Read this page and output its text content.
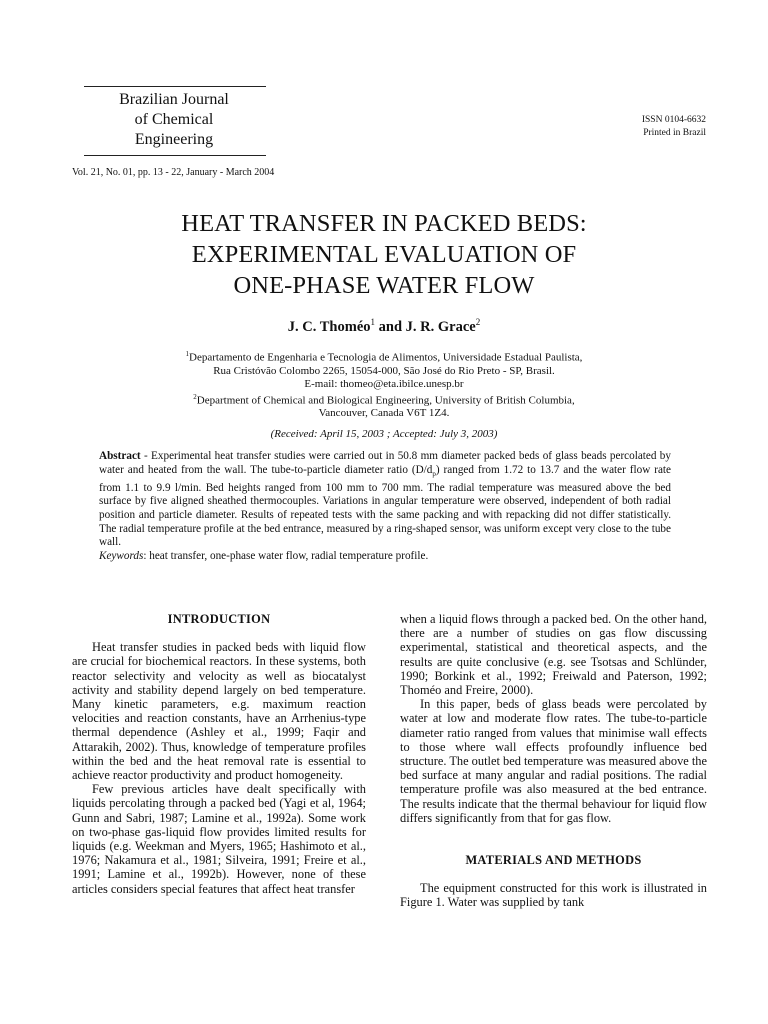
Brazilian Journal
of Chemical
Engineering
ISSN 0104-6632
Printed in Brazil
Vol. 21, No. 01, pp. 13 - 22, January - March 2004
HEAT TRANSFER IN PACKED BEDS:
EXPERIMENTAL EVALUATION OF
ONE-PHASE WATER FLOW
J. C. Thoméo$^1$ and J. R. Grace$^2$
$^1$Departamento de Engenharia e Tecnologia de Alimentos, Universidade Estadual Paulista,
Rua Cristóvão Colombo 2265, 15054-000, São José do Rio Preto - SP, Brasil.
E-mail: thomeo@eta.ibilce.unesp.br
$^2$Department of Chemical and Biological Engineering, University of British Columbia,
Vancouver, Canada V6T 1Z4.
(Received: April 15, 2003 ; Accepted: July 3, 2003)

Abstract - Experimental heat transfer studies were carried out in 50.8 mm diameter packed beds of glass beads percolated by water and heated from the wall. The tube-to-particle diameter ratio $(D/d_p)$ ranged from 1.72 to 13.7 and the water flow rate from 1.1 to 9.9 l/min. Bed heights ranged from 100 mm to 700 mm. The radial temperature was measured above the bed surface by five aligned sheathed thermocouples. Variations in angular temperature were observed, independent of both radial position and particle diameter. Results of repeated tests with the same packing and with repacking did not differ statistically. The radial temperature profile at the bed entrance, measured by a ring-shaped sensor, was uniform except very close to the tube wall.

Keywords: heat transfer, one-phase water flow, radial temperature profile.

INTRODUCTION

Heat transfer studies in packed beds with liquid flow are crucial for biochemical reactors. In these systems, both reactor selectivity and velocity as well as biocatalyst activity and stability depend largely on bed temperature. Many kinetic parameters, e.g. maximum reaction velocities and reaction constants, have an Arrhenius-type thermal dependence (Ashley et al., 1999; Faqir and Attarakih, 2002). Thus, knowledge of temperature profiles within the bed and the heat removal rate is essential to achieve reactor productivity and product homogeneity.

Few previous articles have dealt specifically with liquids percolating through a packed bed (Yagi et al, 1964; Gunn and Sabri, 1987; Lamine et al., 1992a). Some work on two-phase gas-liquid flow provides limited results for liquids (e.g. Weekman and Myers, 1965; Hashimoto et al., 1976; Nakamura et al., 1981; Silveira, 1991; Freire et al., 1991; Lamine et al., 1992b). However, none of these articles considers special features that affect heat transfer

when a liquid flows through a packed bed. On the other hand, there are a number of studies on gas flow discussing experimental, statistical and theoretical aspects, and the results are quite conclusive (e.g. see Tsotsas and Schlünder, 1990; Borkink et al., 1992; Freiwald and Paterson, 1992; Thoméo and Freire, 2000).

In this paper, beds of glass beads were percolated by water at low and moderate flow rates. The tube-to-particle diameter ratio ranged from values that minimise wall effects to those where wall effects profoundly influence bed structure. The outlet bed temperature was measured above the bed surface at many angular and radial positions. The radial temperature profile was also measured at the bed entrance. The results indicate that the thermal behaviour for liquid flow differs significantly from that for gas flow.

MATERIALS AND METHODS

The equipment constructed for this work is illustrated in Figure 1. Water was supplied by tank
